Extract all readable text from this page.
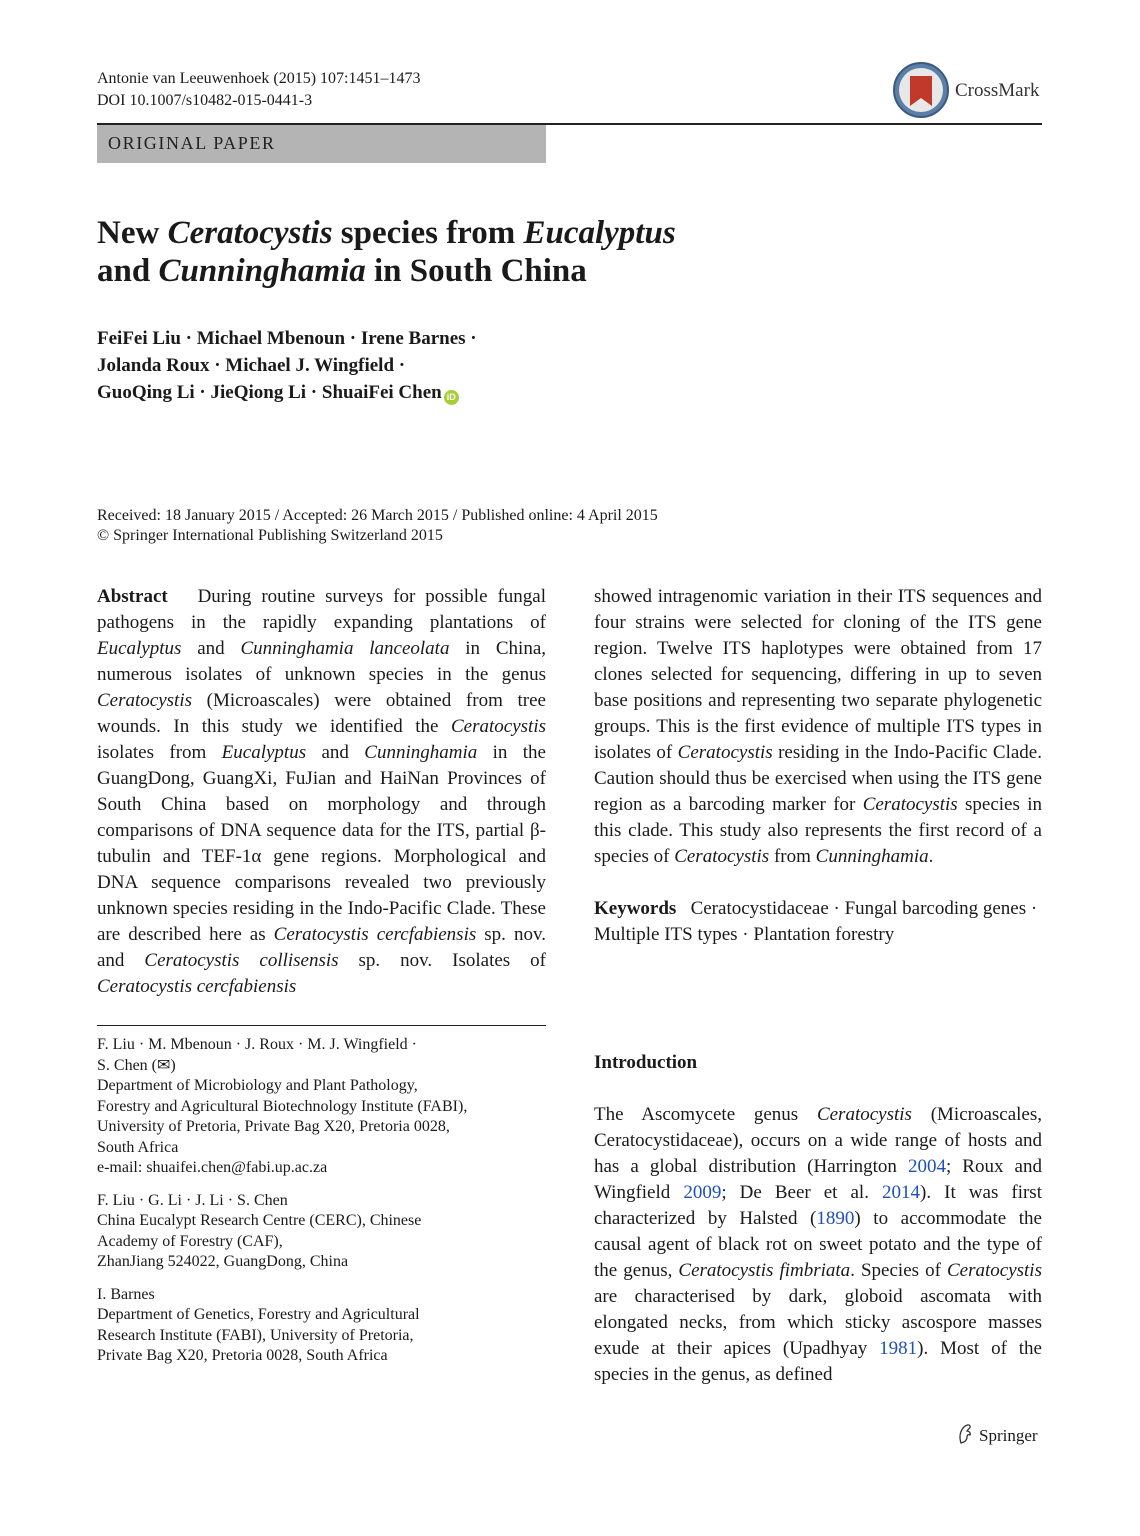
Antonie van Leeuwenhoek (2015) 107:1451–1473
DOI 10.1007/s10482-015-0441-3	CrossMark
ORIGINAL PAPER
New Ceratocystis species from Eucalyptus
and Cunninghamia in South China
FeiFei Liu · Michael Mbenoun · Irene Barnes ·
Jolanda Roux · Michael J. Wingfield ·
GuoQing Li · JieQiong Li · ShuaiFei Chen iD
Received: 18 January 2015 / Accepted: 26 March 2015 / Published online: 4 April 2015
© Springer International Publishing Switzerland 2015

Abstract During routine surveys for possible fungal pathogens in the rapidly expanding plantations of Eucalyptus and Cunninghamia lanceolata in China, numerous isolates of unknown species in the genus Ceratocystis (Microascales) were obtained from tree wounds. In this study we identified the Ceratocystis isolates from Eucalyptus and Cunninghamia in the GuangDong, GuangXi, FuJian and HaiNan Provinces of South China based on morphology and through comparisons of DNA sequence data for the ITS, partial β-tubulin and TEF-1α gene regions. Morphological and DNA sequence comparisons revealed two previously unknown species residing in the Indo-Pacific Clade. These are described here as Ceratocystis cercfabiensis sp. nov. and Ceratocystis collisensis sp. nov. Isolates of Ceratocystis cercfabiensis

showed intragenomic variation in their ITS sequences and four strains were selected for cloning of the ITS gene region. Twelve ITS haplotypes were obtained from 17 clones selected for sequencing, differing in up to seven base positions and representing two separate phylogenetic groups. This is the first evidence of multiple ITS types in isolates of Ceratocystis residing in the Indo-Pacific Clade. Caution should thus be exercised when using the ITS gene region as a barcoding marker for Ceratocystis species in this clade. This study also represents the first record of a species of Ceratocystis from Cunninghamia.

Keywords Ceratocystidaceae · Fungal barcoding genes · Multiple ITS types · Plantation forestry

F. Liu · M. Mbenoun · J. Roux · M. J. Wingfield ·
S. Chen (✉)
Department of Microbiology and Plant Pathology,
Forestry and Agricultural Biotechnology Institute (FABI),
University of Pretoria, Private Bag X20, Pretoria 0028,
South Africa
e-mail: shuaifei.chen@fabi.up.ac.za
F. Liu · G. Li · J. Li · S. Chen
China Eucalypt Research Centre (CERC), Chinese
Academy of Forestry (CAF),
ZhanJiang 524022, GuangDong, China
I. Barnes
Department of Genetics, Forestry and Agricultural
Research Institute (FABI), University of Pretoria,
Private Bag X20, Pretoria 0028, South Africa
Introduction

The Ascomycete genus Ceratocystis (Microascales, Ceratocystidaceae), occurs on a wide range of hosts and has a global distribution (Harrington 2004; Roux and Wingfield 2009; De Beer et al. 2014). It was first characterized by Halsted (1890) to accommodate the causal agent of black rot on sweet potato and the type of the genus, Ceratocystis fimbriata. Species of Ceratocystis are characterised by dark, globoid ascomata with elongated necks, from which sticky ascospore masses exude at their apices (Upadhyay 1981). Most of the species in the genus, as defined

Springer
